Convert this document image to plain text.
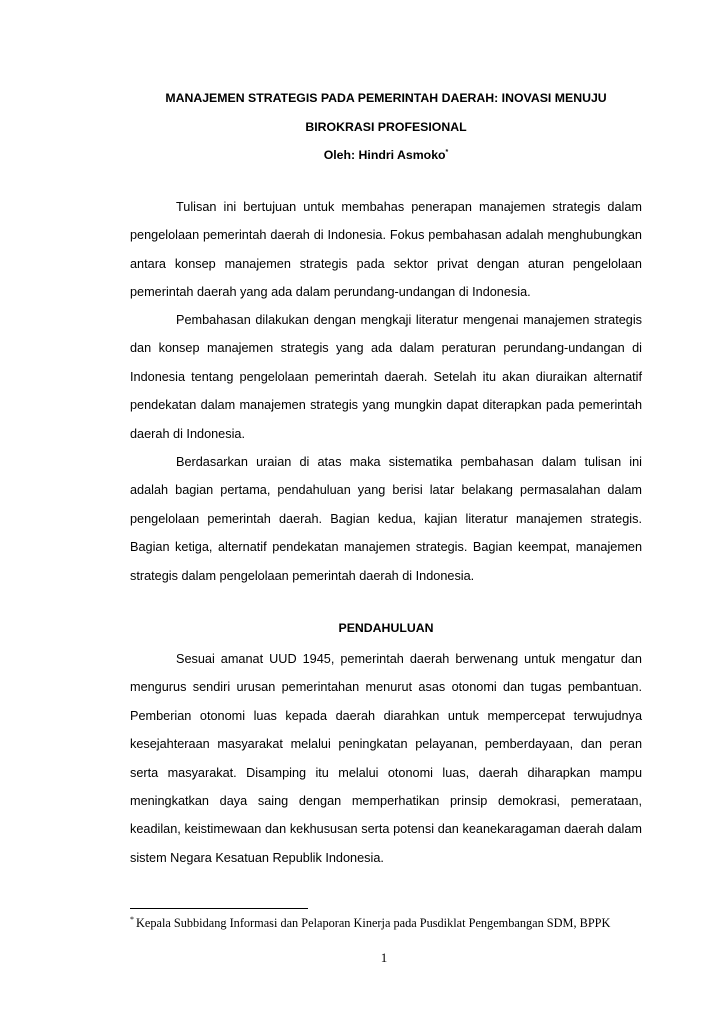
MANAJEMEN STRATEGIS PADA PEMERINTAH DAERAH: INOVASI MENUJU
BIROKRASI PROFESIONAL
Oleh: Hindri Asmoko*

Tulisan ini bertujuan untuk membahas penerapan manajemen strategis dalam pengelolaan pemerintah daerah di Indonesia. Fokus pembahasan adalah menghubungkan antara konsep manajemen strategis pada sektor privat dengan aturan pengelolaan pemerintah daerah yang ada dalam perundang-undangan di Indonesia.

Pembahasan dilakukan dengan mengkaji literatur mengenai manajemen strategis dan konsep manajemen strategis yang ada dalam peraturan perundang-undangan di Indonesia tentang pengelolaan pemerintah daerah. Setelah itu akan diuraikan alternatif pendekatan dalam manajemen strategis yang mungkin dapat diterapkan pada pemerintah daerah di Indonesia.

Berdasarkan uraian di atas maka sistematika pembahasan dalam tulisan ini adalah bagian pertama, pendahuluan yang berisi latar belakang permasalahan dalam pengelolaan pemerintah daerah. Bagian kedua, kajian literatur manajemen strategis. Bagian ketiga, alternatif pendekatan manajemen strategis. Bagian keempat, manajemen strategis dalam pengelolaan pemerintah daerah di Indonesia.

PENDAHULUAN

Sesuai amanat UUD 1945, pemerintah daerah berwenang untuk mengatur dan mengurus sendiri urusan pemerintahan menurut asas otonomi dan tugas pembantuan. Pemberian otonomi luas kepada daerah diarahkan untuk mempercepat terwujudnya kesejahteraan masyarakat melalui peningkatan pelayanan, pemberdayaan, dan peran serta masyarakat. Disamping itu melalui otonomi luas, daerah diharapkan mampu meningkatkan daya saing dengan memperhatikan prinsip demokrasi, pemerataan, keadilan, keistimewaan dan kekhususan serta potensi dan keanekaragaman daerah dalam sistem Negara Kesatuan Republik Indonesia.

* Kepala Subbidang Informasi dan Pelaporan Kinerja pada Pusdiklat Pengembangan SDM, BPPK
1
